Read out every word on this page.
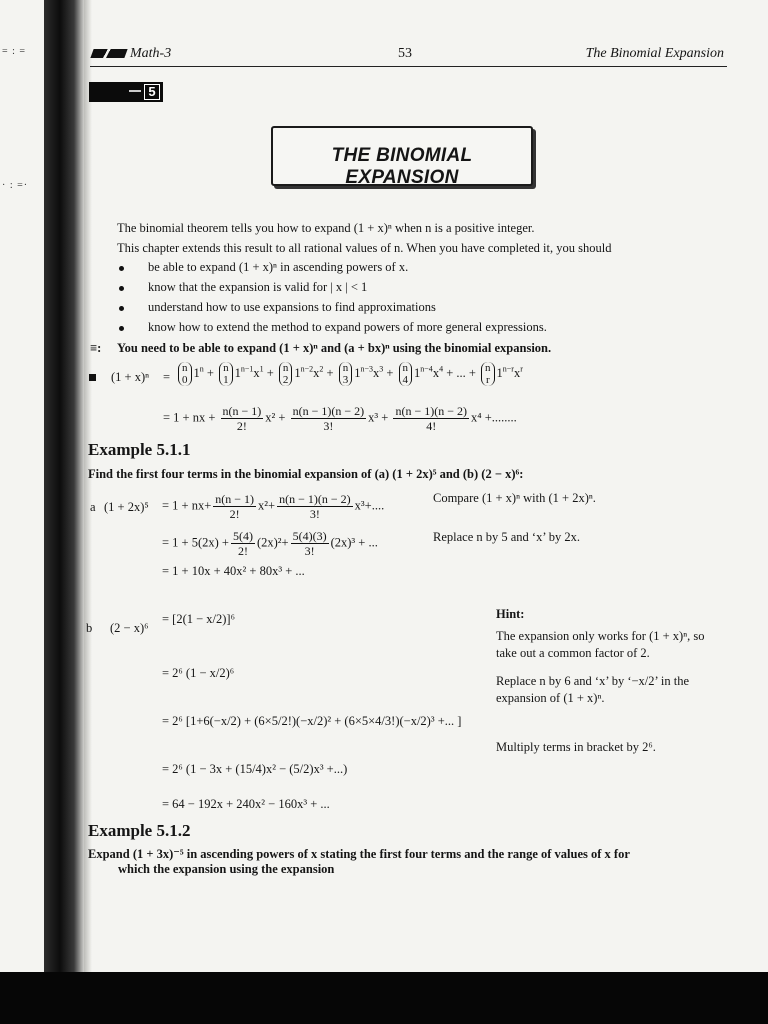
= : =
· : =·
Math-3	53	The Binomial Expansion
5
THE BINOMIAL EXPANSION
The binomial theorem tells you how to expand (1 + x)ⁿ when n is a positive integer.
This chapter extends this result to all rational values of n. When you have completed it, you should
be able to expand (1 + x)ⁿ in ascending powers of x.
know that the expansion is valid for | x | < 1
understand how to use expansions to find approximations
know how to extend the method to expand powers of more general expressions.
≡: You need to be able to expand (1 + x)ⁿ and (a + bx)ⁿ using the binomial expansion.
(1 + x)ⁿ =
n
$01^n + n$
$11^{n-1}x^1 + n$
$21^{n-2}x^2 + n$
$31^{n-3}x^3 + n$
$41^{n-4}x^4$ + ... + n
$r1^{n-r}x^r$
= 1 + nx + $\frac{n(n - 1)}{2!} x^2 + \frac{n(n - 1)(n - 2)}{3!} x^3 + \frac{n(n - 1)(n - 2)}{4!} x^4$ +........
Example 5.1.1
Find the first four terms in the binomial expansion of (a) (1 + 2x)⁵ and (b) (2 − x)⁶:
a $(1 + 2x)^5 = 1 + nx+ \frac{n(n - 1)}{2!} x^2+ \frac{n(n - 1)(n - 2)}{3!} x^3+$....
Compare (1 + x)ⁿ with (1 + 2x)ⁿ.
= $1 + 5(2x) + \frac{5(4)}{2!} (2x)^2+ \frac{5(4)(3)}{3!} (2x)^3$ + ...	Replace n by 5 and ‘x’ by 2x.
= 1 + 10x + 40x² + 80x³ + ...
b (2 − x)⁶
= [2(1 − x/2)]⁶
= 2⁶ (1 − x/2)⁶
= 2⁶ [1+6(−x/2) + (6×5/2!)(−x/2)² + (6×5×4/3!)(−x/2)³ +... ]
= 2⁶ (1 − 3x + (15/4)x² − (5/2)x³ +...)
= 64 − 192x + 240x² − 160x³ + ...
Hint:
The expansion only works for (1 + x)ⁿ, so take out a common factor of 2.
Replace n by 6 and ‘x’ by ‘−x/2’ in the expansion of (1 + x)ⁿ.
Multiply terms in bracket by 2⁶.
Example 5.1.2
Expand (1 + 3x)⁻⁵ in ascending powers of x stating the first four terms and the range of values of x for
which the expansion using the expansion
